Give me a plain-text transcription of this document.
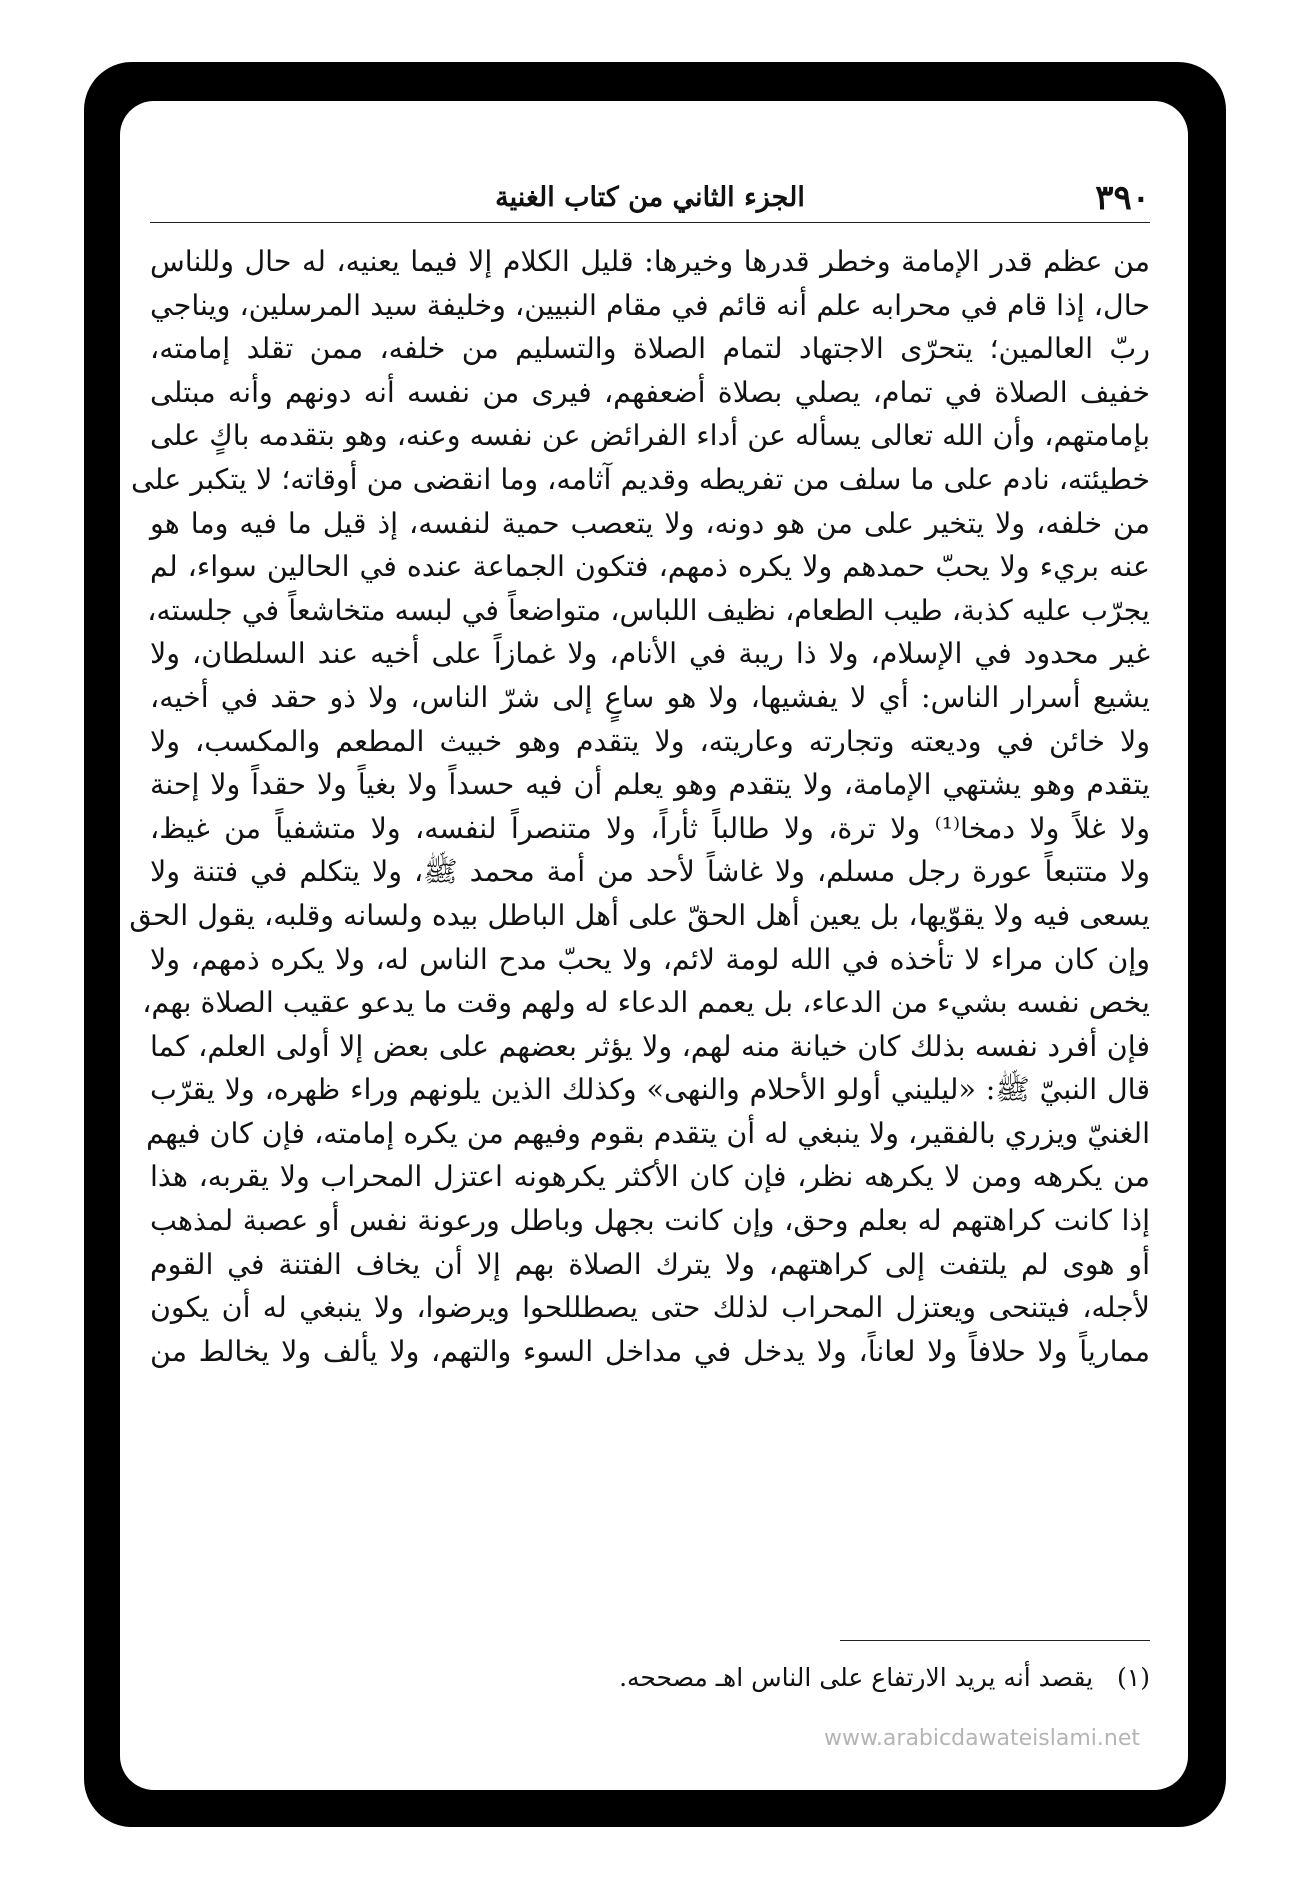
٣٩٠
الجزء الثاني من كتاب الغنية
من عظم قدر الإمامة وخطر قدرها وخيرها: قليل الكلام إلا فيما يعنيه، له حال وللناس
حال، إذا قام في محرابه علم أنه قائم في مقام النبيين، وخليفة سيد المرسلين، ويناجي
ربّ العالمين؛ يتحرّى الاجتهاد لتمام الصلاة والتسليم من خلفه، ممن تقلد إمامته،
خفيف الصلاة في تمام، يصلي بصلاة أضعفهم، فيرى من نفسه أنه دونهم وأنه مبتلى
بإمامتهم، وأن الله تعالى يسأله عن أداء الفرائض عن نفسه وعنه، وهو بتقدمه باكٍ على
خطيئته، نادم على ما سلف من تفريطه وقديم آثامه، وما انقضى من أوقاته؛ لا يتكبر على
من خلفه، ولا يتخير على من هو دونه، ولا يتعصب حمية لنفسه، إذ قيل ما فيه وما هو
عنه بريء ولا يحبّ حمدهم ولا يكره ذمهم، فتكون الجماعة عنده في الحالين سواء، لم
يجرّب عليه كذبة، طيب الطعام، نظيف اللباس، متواضعاً في لبسه متخاشعاً في جلسته،
غير محدود في الإسلام، ولا ذا ريبة في الأنام، ولا غمازاً على أخيه عند السلطان، ولا
يشيع أسرار الناس: أي لا يفشيها، ولا هو ساعٍ إلى شرّ الناس، ولا ذو حقد في أخيه،
ولا خائن في وديعته وتجارته وعاريته، ولا يتقدم وهو خبيث المطعم والمكسب، ولا
يتقدم وهو يشتهي الإمامة، ولا يتقدم وهو يعلم أن فيه حسداً ولا بغياً ولا حقداً ولا إحنة
ولا غلاً ولا دمخا⁽¹⁾ ولا ترة، ولا طالباً ثأراً، ولا متنصراً لنفسه، ولا متشفياً من غيظ،
ولا متتبعاً عورة رجل مسلم، ولا غاشاً لأحد من أمة محمد ﷺ، ولا يتكلم في فتنة ولا
يسعى فيه ولا يقوّيها، بل يعين أهل الحقّ على أهل الباطل بيده ولسانه وقلبه، يقول الحق
وإن كان مراء لا تأخذه في الله لومة لائم، ولا يحبّ مدح الناس له، ولا يكره ذمهم، ولا
يخص نفسه بشيء من الدعاء، بل يعمم الدعاء له ولهم وقت ما يدعو عقيب الصلاة بهم،
فإن أفرد نفسه بذلك كان خيانة منه لهم، ولا يؤثر بعضهم على بعض إلا أولى العلم، كما
قال النبيّ ﷺ: «ليليني أولو الأحلام والنهى» وكذلك الذين يلونهم وراء ظهره، ولا يقرّب
الغنيّ ويزري بالفقير، ولا ينبغي له أن يتقدم بقوم وفيهم من يكره إمامته، فإن كان فيهم
من يكرهه ومن لا يكرهه نظر، فإن كان الأكثر يكرهونه اعتزل المحراب ولا يقربه، هذا
إذا كانت كراهتهم له بعلم وحق، وإن كانت بجهل وباطل ورعونة نفس أو عصبة لمذهب
أو هوى لم يلتفت إلى كراهتهم، ولا يترك الصلاة بهم إلا أن يخاف الفتنة في القوم
لأجله، فيتنحى ويعتزل المحراب لذلك حتى يصطللحوا ويرضوا، ولا ينبغي له أن يكون
ممارياً ولا حلافاً ولا لعاناً، ولا يدخل في مداخل السوء والتهم، ولا يألف ولا يخالط من
(١) يقصد أنه يريد الارتفاع على الناس اهـ مصححه.
www.arabicdawateislami.net
